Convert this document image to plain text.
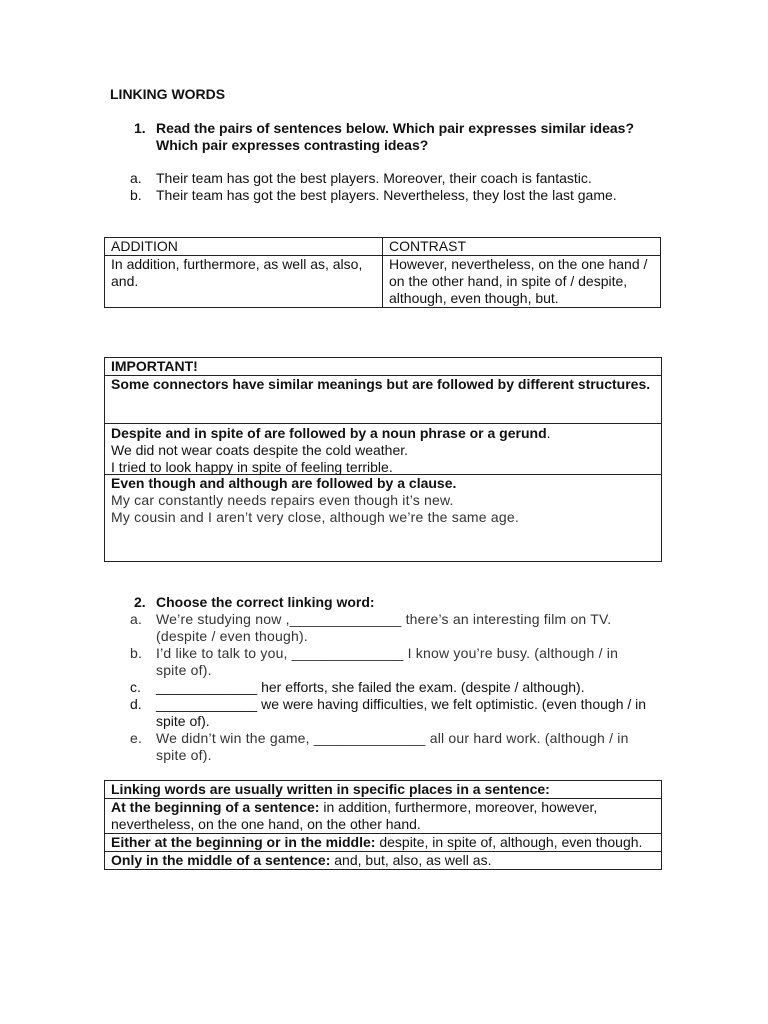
LINKING WORDS
1. Read the pairs of sentences below. Which pair expresses similar ideas? Which pair expresses contrasting ideas?
a.	Their team has got the best players. Moreover, their coach is fantastic.
b.	Their team has got the best players. Nevertheless, they lost the last game.
ADDITION	CONTRAST
In addition, furthermore, as well as, also, and.	However, nevertheless, on the one hand / on the other hand, in spite of / despite, although, even though, but.
IMPORTANT!
Some connectors have similar meanings but are followed by different structures.
Despite and in spite of are followed by a noun phrase or a gerund.
We did not wear coats despite the cold weather.
I tried to look happy in spite of feeling terrible.
Even though and although are followed by a clause.
My car constantly needs repairs even though it’s new.
My cousin and I aren’t very close, although we’re the same age.
2. Choose the correct linking word:
a. We’re studying now ,______________ there’s an interesting film on TV. (despite / even though).
b. I’d like to talk to you, ______________ I know you’re busy. (although / in spite of).
c.	_____________ her efforts, she failed the exam. (despite / although).
d.	_____________ we were having difficulties, we felt optimistic. (even though / in spite of).
e. We didn’t win the game, ______________ all our hard work. (although / in spite of).
Linking words are usually written in specific places in a sentence:
At the beginning of a sentence: in addition, furthermore, moreover, however, nevertheless, on the one hand, on the other hand.
Either at the beginning or in the middle: despite, in spite of, although, even though.
Only in the middle of a sentence: and, but, also, as well as.
